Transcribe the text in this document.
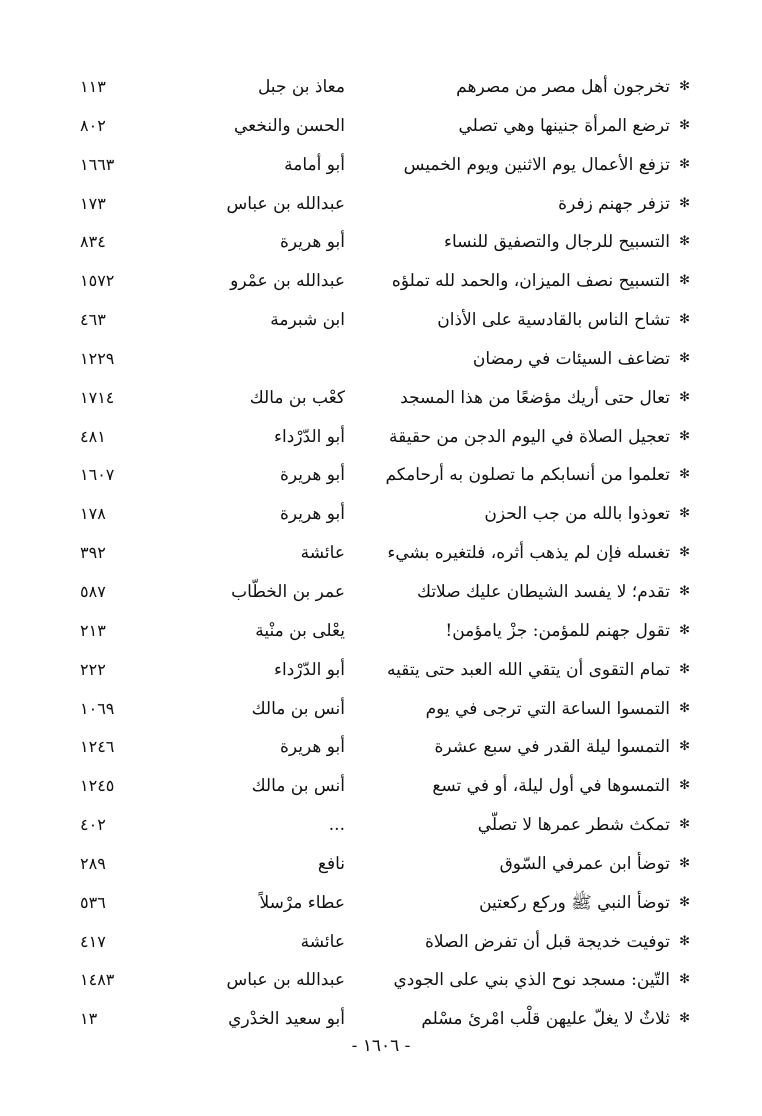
✻
تخرجون أهل مصر من مصرهم
معاذ بن جبل
١١٣
✻
ترضع المرأة جنينها وهي تصلي
الحسن والنخعي
٨٠٢
✻
تزفع الأعمال يوم الاثنين ويوم الخميس
أبو أمامة
١٦٦٣
✻
تزفر جهنم زفرة
عبدالله بن عباس
١٧٣
✻
التسبيح للرجال والتصفيق للنساء
أبو هريرة
٨٣٤
✻
التسبيح نصف الميزان، والحمد لله تملؤه
عبدالله بن عمْرو
١٥٧٢
✻
تشاح الناس بالقادسية على الأذان
ابن شبرمة
٤٦٣
✻
تضاعف السيئات في رمضان
١٢٢٩
✻
تعال حتى أريك مؤضعًا من هذا المسجد
كعْب بن مالك
١٧١٤
✻
تعجيل الصلاة في اليوم الدجن من حقيقة
أبو الدّرْداء
٤٨١
✻
تعلموا من أنسابكم ما تصلون به أرحامكم
أبو هريرة
١٦٠٧
✻
تعوذوا بالله من جب الحزن
أبو هريرة
١٧٨
✻
تغسله فإن لم يذهب أثره، فلتغيره بشيء
عائشة
٣٩٢
✻
تقدم؛ لا يفسد الشيطان عليك صلاتك
عمر بن الخطّاب
٥٨٧
✻
تقول جهنم للمؤمن: جزْ يامؤمن!
يعْلى بن منْية
٢١٣
✻
تمام التقوى أن يتقي الله العبد حتى يتقيه
أبو الدّرْداء
٢٢٢
✻
التمسوا الساعة التي ترجى في يوم
أنس بن مالك
١٠٦٩
✻
التمسوا ليلة القدر في سبع عشرة
أبو هريرة
١٢٤٦
✻
التمسوها في أول ليلة، أو في تسع
أنس بن مالك
١٢٤٥
✻
تمكث شطر عمرها لا تصلّي
...
٤٠٢
✻
توضأ ابن عمرفي السّوق
نافع
٢٨٩
✻
توضأ النبي ﷺ وركع ركعتين
عطاء مرْسلاً
٥٣٦
✻
توفيت خديجة قبل أن تفرض الصلاة
عائشة
٤١٧
✻
التّين: مسجد نوح الذي بني على الجودي
عبدالله بن عباس
١٤٨٣
✻
ثلاثٌ لا يغلّ عليهن قلْب امْرئ مسْلم
أبو سعيد الخدْري
١٣
- ١٦٠٦ -
